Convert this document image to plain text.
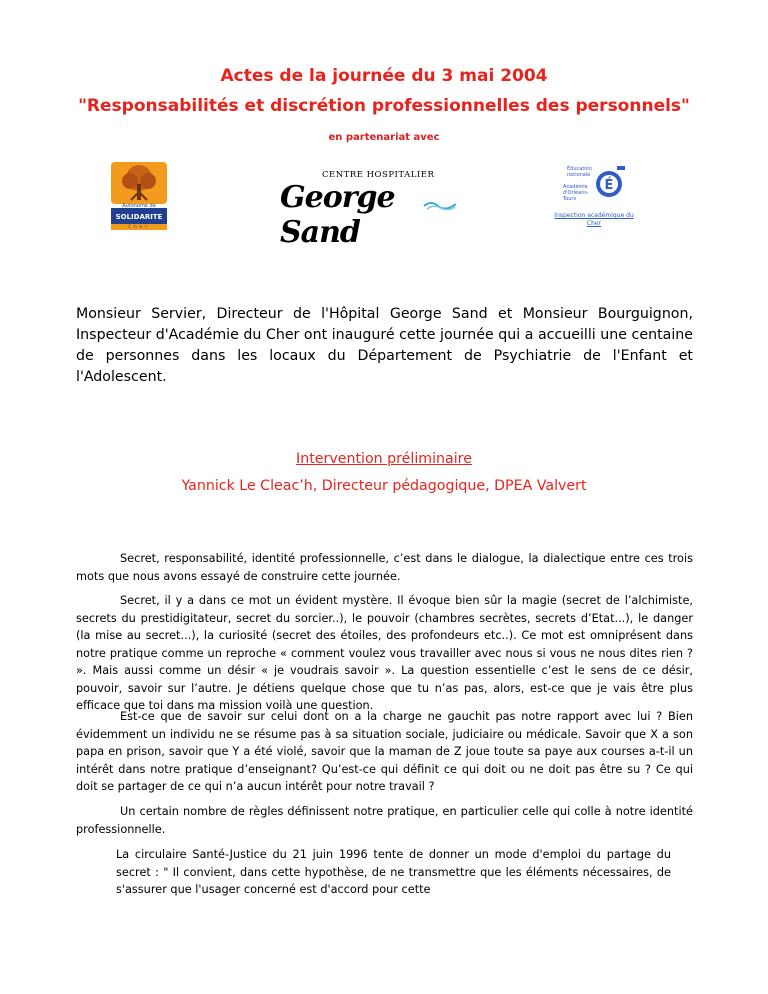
Actes de la journée du 3 mai 2004
"Responsabilités et discrétion professionnelles des personnels"
en partenariat avec
Autonome de
SOLIDARITE
Cher
CENTRE HOSPITALIER
George Sand
É
Éducation nationale
Académie d'Orléans-Tours
Inspection académique du Cher
Monsieur Servier, Directeur de l'Hôpital George Sand et Monsieur Bourguignon, Inspecteur d'Académie du Cher ont inauguré cette journée qui a accueilli une centaine de personnes dans les locaux du Département de Psychiatrie de l'Enfant et l'Adolescent.
Intervention préliminaire
Yannick Le Cleac’h, Directeur pédagogique, DPEA Valvert
Secret, responsabilité, identité professionnelle, c’est dans le dialogue, la dialectique entre ces trois mots que nous avons essayé de construire cette journée.
Secret, il y a dans ce mot un évident mystère. Il évoque bien sûr la magie (secret de l’alchimiste, secrets du prestidigitateur, secret du sorcier..), le pouvoir (chambres secrètes, secrets d’Etat...), le danger (la mise au secret...), la curiosité (secret des étoiles, des profondeurs etc..). Ce mot est omniprésent dans notre pratique comme un reproche « comment voulez vous travailler avec nous si vous ne nous dites rien ? ». Mais aussi comme un désir « je voudrais savoir ». La question essentielle c’est le sens de ce désir, pouvoir, savoir sur l’autre. Je détiens quelque chose que tu n’as pas, alors, est-ce que je vais être plus efficace que toi dans ma mission voilà une question.
Est-ce que de savoir sur celui dont on a la charge ne gauchit pas notre rapport avec lui ? Bien évidemment un individu ne se résume pas à sa situation sociale, judiciaire ou médicale. Savoir que X a son papa en prison, savoir que Y a été violé, savoir que la maman de Z joue toute sa paye aux courses a-t-il un intérêt dans notre pratique d’enseignant? Qu’est-ce qui définit ce qui doit ou ne doit pas être su ? Ce qui doit se partager de ce qui n’a aucun intérêt pour notre travail ?
Un certain nombre de règles définissent notre pratique, en particulier celle qui colle à notre identité professionnelle.
La circulaire Santé-Justice du 21 juin 1996 tente de donner un mode d'emploi du partage du secret : " Il convient, dans cette hypothèse, de ne transmettre que les éléments nécessaires, de s'assurer que l'usager concerné est d'accord pour cette
